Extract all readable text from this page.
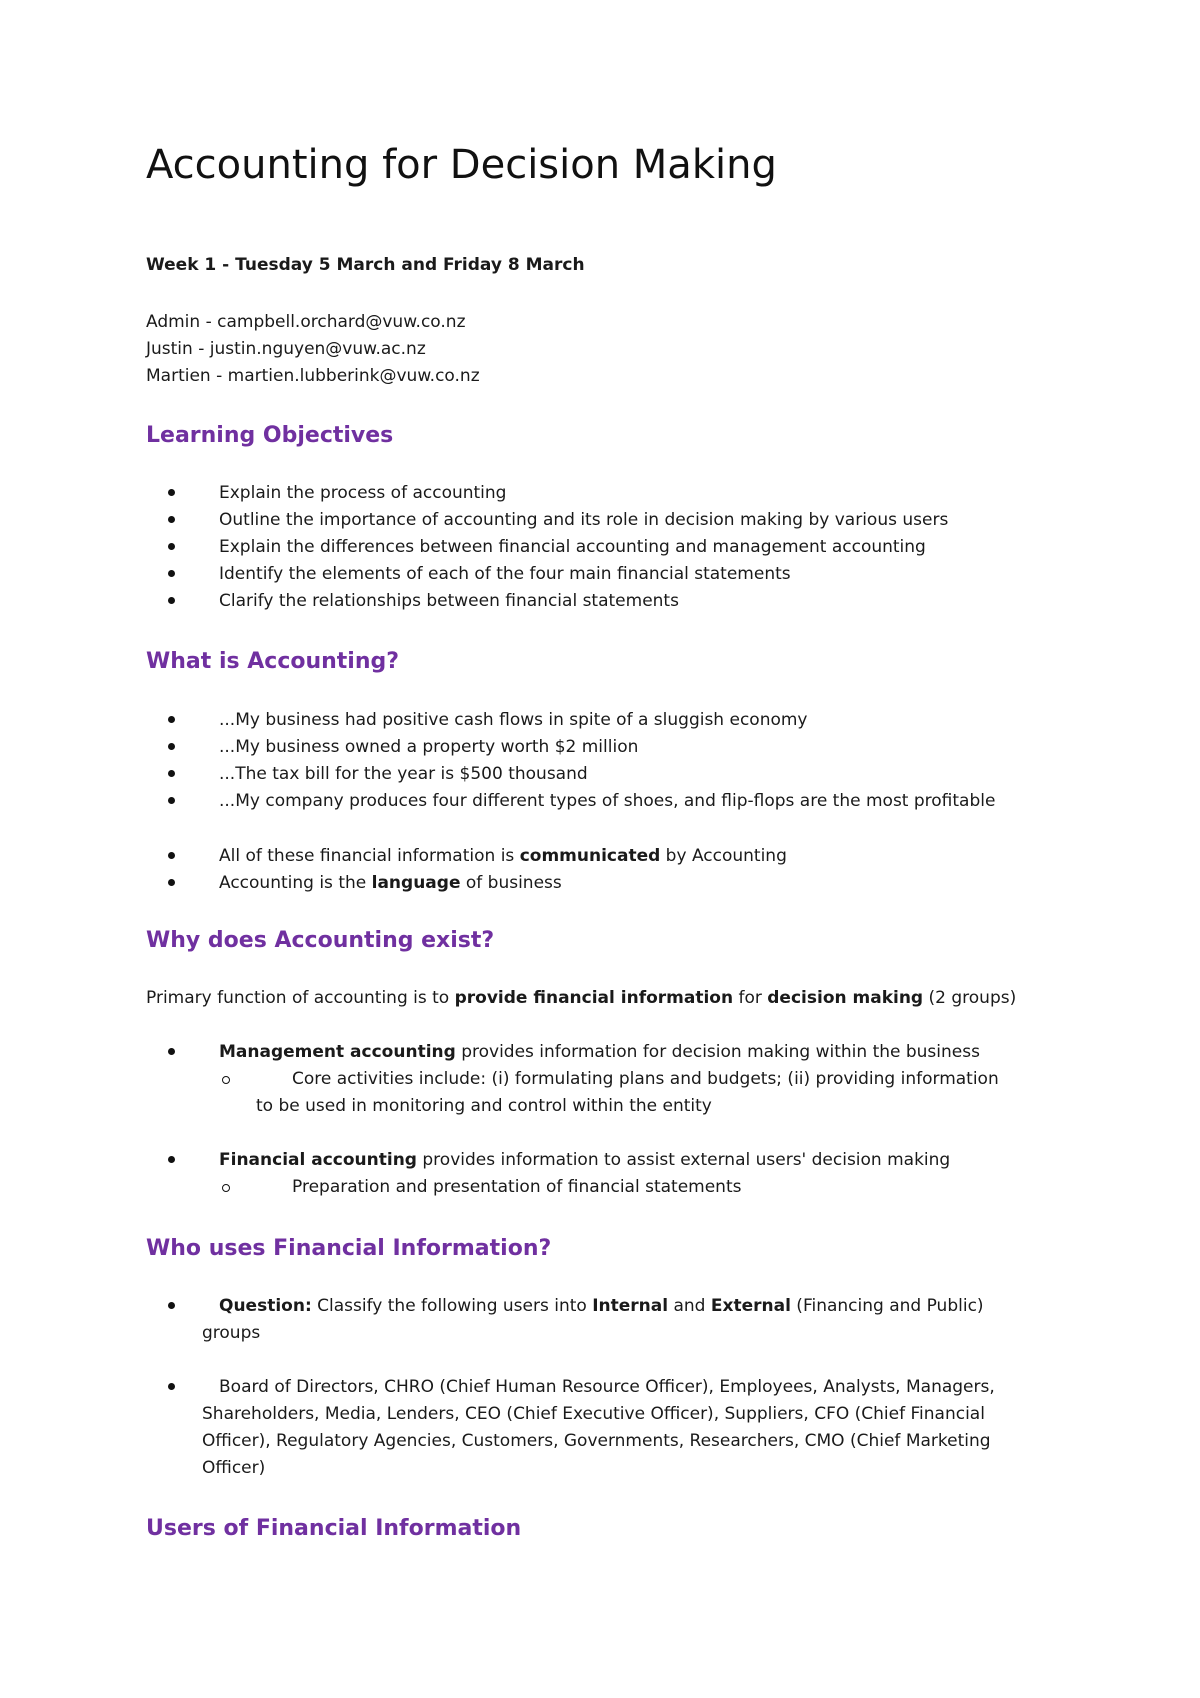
Accounting for Decision Making
Week 1 - Tuesday 5 March and Friday 8 March
Admin - campbell.orchard@vuw.co.nz
Justin - justin.nguyen@vuw.ac.nz
Martien - martien.lubberink@vuw.co.nz
Learning Objectives
Explain the process of accounting
Outline the importance of accounting and its role in decision making by various users
Explain the differences between financial accounting and management accounting
Identify the elements of each of the four main financial statements
Clarify the relationships between financial statements
What is Accounting?
...My business had positive cash flows in spite of a sluggish economy
...My business owned a property worth $2 million
...The tax bill for the year is $500 thousand
...My company produces four different types of shoes, and flip-flops are the most profitable
All of these financial information is communicated by Accounting
Accounting is the language of business
Why does Accounting exist?
Primary function of accounting is to provide financial information for decision making (2 groups)
Management accounting provides information for decision making within the business
Core activities include: (i) formulating plans and budgets; (ii) providing information
to be used in monitoring and control within the entity
Financial accounting provides information to assist external users' decision making
Preparation and presentation of financial statements
Who uses Financial Information?
Question: Classify the following users into Internal and External (Financing and Public)
groups
Board of Directors, CHRO (Chief Human Resource Officer), Employees, Analysts, Managers,
Shareholders, Media, Lenders, CEO (Chief Executive Officer), Suppliers, CFO (Chief Financial
Officer), Regulatory Agencies, Customers, Governments, Researchers, CMO (Chief Marketing
Officer)
Users of Financial Information
